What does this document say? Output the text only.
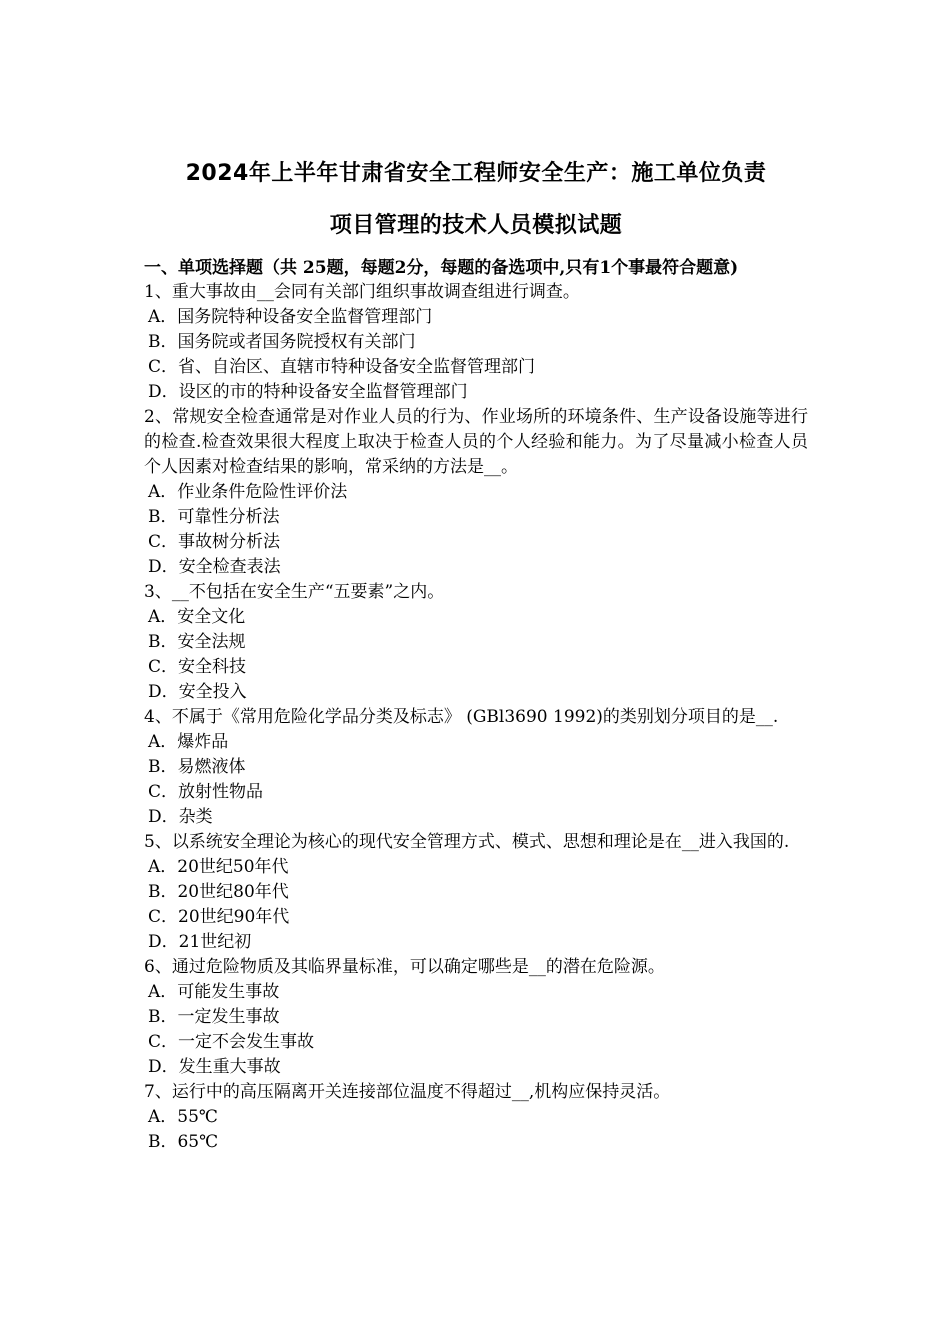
2024年上半年甘肃省安全工程师安全生产：施工单位负责
项目管理的技术人员模拟试题
一、单项选择题（共 25题，每题2分，每题的备选项中,只有1个事最符合题意)
1、重大事故由__会同有关部门组织事故调查组进行调查。
A．国务院特种设备安全监督管理部门
B．国务院或者国务院授权有关部门
C．省、自治区、直辖市特种设备安全监督管理部门
D．设区的市的特种设备安全监督管理部门
2、常规安全检查通常是对作业人员的行为、作业场所的环境条件、生产设备设施等进行的检查.检查效果很大程度上取决于检查人员的个人经验和能力。为了尽量减小检查人员个人因素对检查结果的影响，常采纳的方法是__。
A．作业条件危险性评价法
B．可靠性分析法
C．事故树分析法
D．安全检查表法
3、__不包括在安全生产“五要素”之内。
A．安全文化
B．安全法规
C．安全科技
D．安全投入
4、不属于《常用危险化学品分类及标志》 (GBl3690 1992)的类别划分项目的是__.
A．爆炸品
B．易燃液体
C．放射性物品
D．杂类
5、以系统安全理论为核心的现代安全管理方式、模式、思想和理论是在__进入我国的.
A．20世纪50年代
B．20世纪80年代
C．20世纪90年代
D．21世纪初
6、通过危险物质及其临界量标准，可以确定哪些是__的潜在危险源。
A．可能发生事故
B．一定发生事故
C．一定不会发生事故
D．发生重大事故
7、运行中的高压隔离开关连接部位温度不得超过__,机构应保持灵活。
A．55℃
B．65℃
